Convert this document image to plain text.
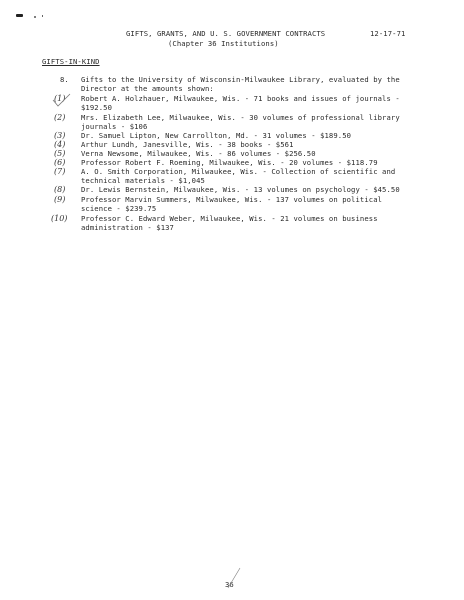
GIFTS, GRANTS, AND U. S. GOVERNMENT CONTRACTS	12-17-71
(Chapter 36 Institutions)
GIFTS-IN-KIND
8. Gifts to the University of Wisconsin-Milwaukee Library, evaluated by the
Director at the amounts shown:
(1) Robert A. Holzhauer, Milwaukee, Wis. - 71 books and issues of journals -
$192.50
(2) Mrs. Elizabeth Lee, Milwaukee, Wis. - 30 volumes of professional library
journals - $106
(3) Dr. Samuel Lipton, New Carrollton, Md. - 31 volumes - $189.50
(4) Arthur Lundh, Janesville, Wis. - 38 books - $561
(5) Verna Newsome, Milwaukee, Wis. - 86 volumes - $256.50
(6) Professor Robert F. Roeming, Milwaukee, Wis. - 20 volumes - $118.79
(7) A. O. Smith Corporation, Milwaukee, Wis. - Collection of scientific and
technical materials - $1,045
(8) Dr. Lewis Bernstein, Milwaukee, Wis. - 13 volumes on psychology - $45.50
(9) Professor Marvin Summers, Milwaukee, Wis. - 137 volumes on political
science - $239.75
(10) Professor C. Edward Weber, Milwaukee, Wis. - 21 volumes on business
administration - $137
36
